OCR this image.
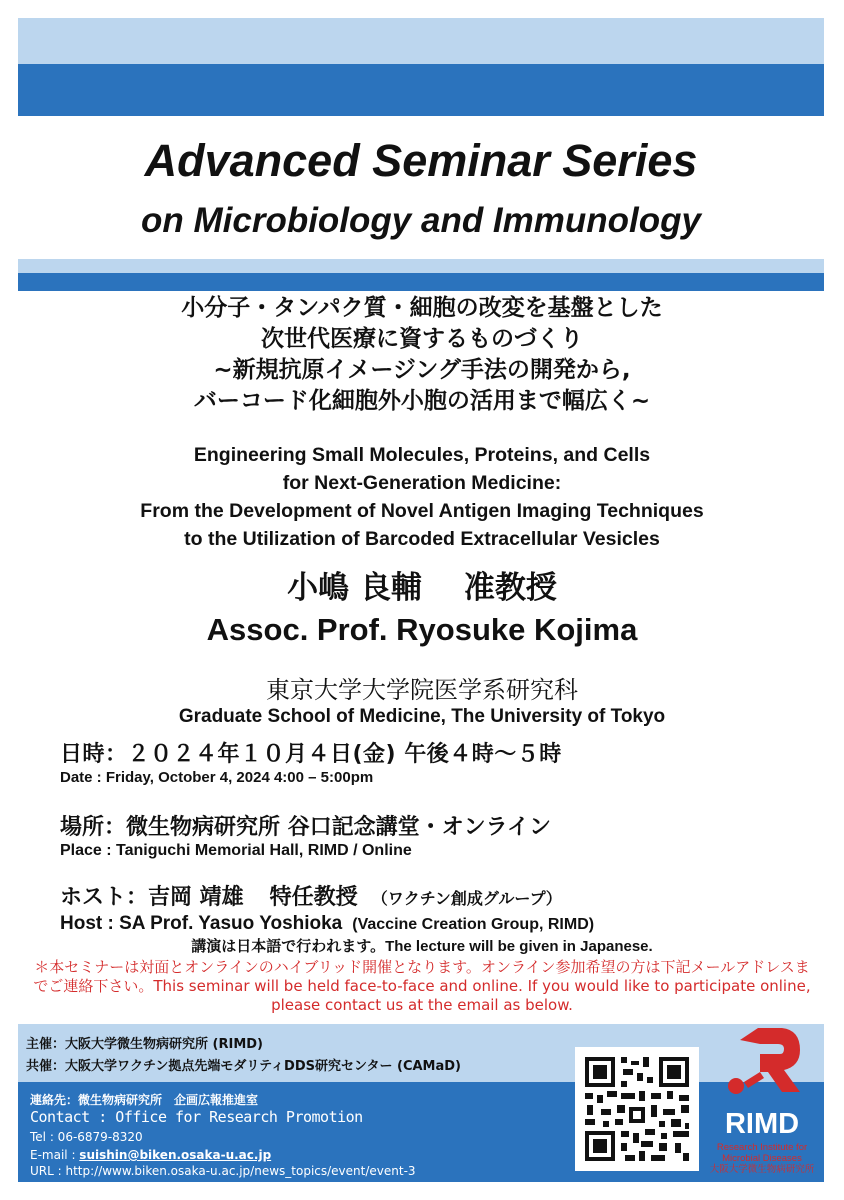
Advanced Seminar Series
on Microbiology and Immunology
小分子・タンパク質・細胞の改変を基盤とした
次世代医療に資するものづくり
~新規抗原イメージング手法の開発から,
バーコード化細胞外小胞の活用まで幅広く~
Engineering Small Molecules, Proteins, and Cells
for Next-Generation Medicine:
From the Development of Novel Antigen Imaging Techniques
to the Utilization of Barcoded Extracellular Vesicles
小嶋 良輔 准教授
Assoc. Prof. Ryosuke Kojima
東京大学大学院医学系研究科
Graduate School of Medicine, The University of Tokyo
日時：２０２４年１０月４日(金) 午後４時～５時
Date : Friday, October 4, 2024 4:00 – 5:00pm
場所：微生物病研究所 谷口記念講堂・オンライン
Place : Taniguchi Memorial Hall, RIMD / Online
ホスト：吉岡 靖雄 特任教授 （ワクチン創成グループ）
Host : SA Prof. Yasuo Yoshioka (Vaccine Creation Group, RIMD)
講演は日本語で行われます。The lecture will be given in Japanese.
＊本セミナーは対面とオンラインのハイブリッド開催となります。オンライン参加希望の方は下記メールアドレスまでご連絡下さい。This seminar will be held face-to-face and online. If you would like to participate online, please contact us at the email as below.
主催：大阪大学微生物病研究所 (RIMD)
共催：大阪大学ワクチン拠点先端モダリティDDS研究センター (CAMaD)
連絡先：微生物病研究所　企画広報推進室
Contact : Office for Research Promotion
Tel : 06-6879-8320
E-mail : suishin@biken.osaka-u.ac.jp
URL : http://www.biken.osaka-u.ac.jp/news_topics/event/event-3
RIMD
Research Institute for
Microbial Diseases
大阪大学微生物病研究所
